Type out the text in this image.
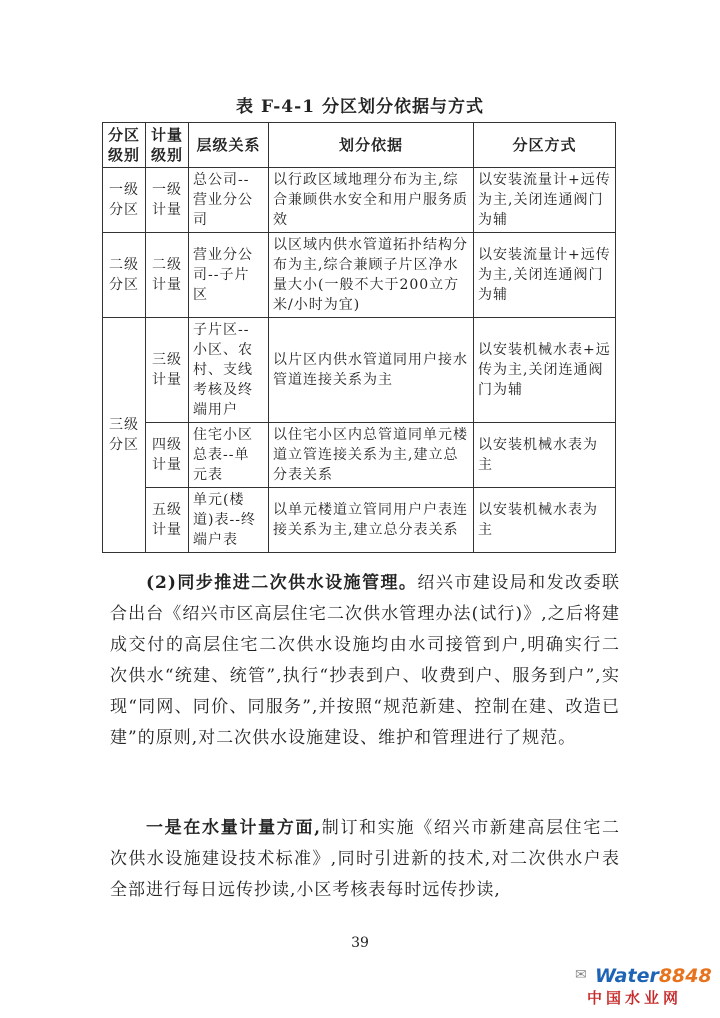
表 F-4-1 分区划分依据与方式
分区级别	计量级别	层级关系	划分依据	分区方式
一级分区	一级计量	总公司--营业分公司	以行政区域地理分布为主,综合兼顾供水安全和用户服务质效	以安装流量计+远传为主,关闭连通阀门为辅
二级分区	二级计量	营业分公司--子片区	以区域内供水管道拓扑结构分布为主,综合兼顾子片区净水量大小(一般不大于200立方米/小时为宜)	以安装流量计+远传为主,关闭连通阀门为辅
三级分区	三级计量	子片区--小区、农村、支线考核及终端用户	以片区内供水管道同用户接水管道连接关系为主	以安装机械水表+远传为主,关闭连通阀门为辅
	四级计量	住宅小区总表--单元表	以住宅小区内总管道同单元楼道立管连接关系为主,建立总分表关系	以安装机械水表为主
	五级计量	单元(楼道)表--终端户表	以单元楼道立管同用户户表连接关系为主,建立总分表关系	以安装机械水表为主

(2)同步推进二次供水设施管理。绍兴市建设局和发改委联合出台《绍兴市区高层住宅二次供水管理办法(试行)》,之后将建成交付的高层住宅二次供水设施均由水司接管到户,明确实行二次供水“统建、统管”,执行“抄表到户、收费到户、服务到户”,实现“同网、同价、同服务”,并按照“规范新建、控制在建、改造已建”的原则,对二次供水设施建设、维护和管理进行了规范。

一是在水量计量方面,制订和实施《绍兴市新建高层住宅二次供水设施建设技术标准》,同时引进新的技术,对二次供水户表全部进行每日远传抄读,小区考核表每时远传抄读,

39
✉ Water8848
中国水业网
